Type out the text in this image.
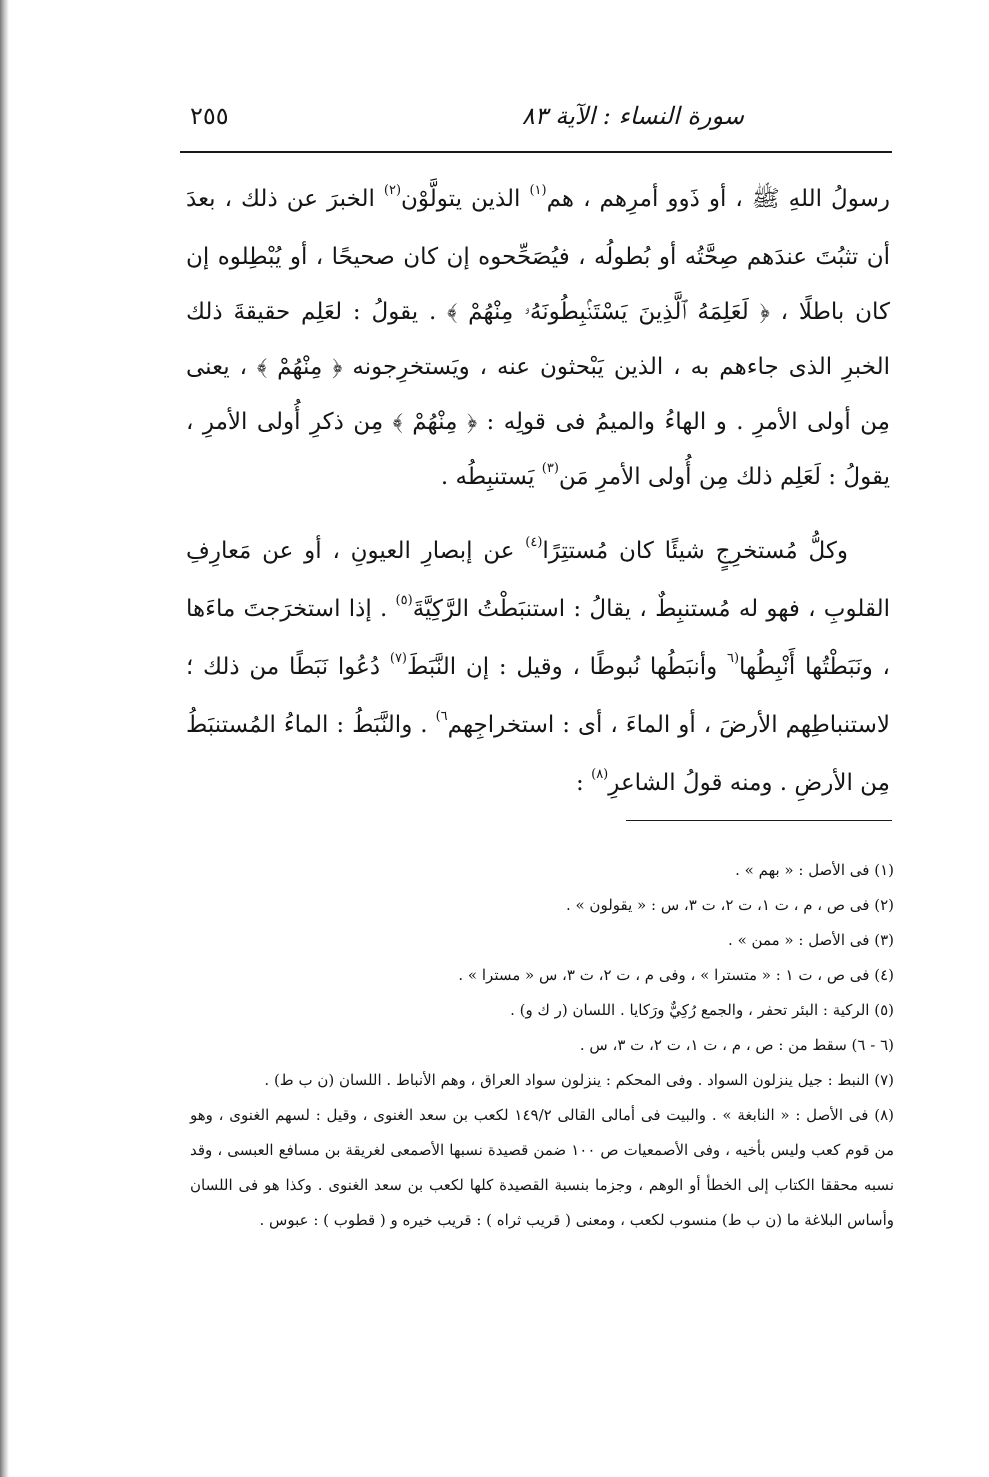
سورة النساء : الآية ٨٣
٢٥٥

رسولُ اللهِ ﷺ ، أو ذَوو أمرِهم ، هم$^{(١)}$ الذين يتولَّوْن$^{(٢)}$ الخبرَ عن ذلك ، بعدَ أن تثبُتَ عندَهم صِحَّتُه أو بُطولُه ، فيُصَحِّحوه إن كان صحيحًا ، أو يُبْطِلوه إن كان باطلًا ، ﴿ لَعَلِمَهُ ٱلَّذِينَ يَسْتَنۢبِطُونَهُۥ مِنْهُمْ ﴾ . يقولُ : لعَلِم حقيقةَ ذلك الخبرِ الذى جاءهم به ، الذين يَبْحثون عنه ، ويَستخرِجونه ﴿ مِنْهُمْ ﴾ ، يعنى مِن أولى الأمرِ . و الهاءُ والميمُ فى قولِه : ﴿ مِنْهُمْ ﴾ مِن ذكرِ أُولى الأمرِ ، يقولُ : لَعَلِم ذلك مِن أُولى الأمرِ مَن$^{(٣)}$ يَستنبِطُه .

وكلُّ مُستخرِجٍ شيئًا كان مُستتِرًا$^{(٤)}$ عن إبصارِ العيونِ ، أو عن مَعارِفِ القلوبِ ، فهو له مُستنبِطٌ ، يقالُ : استنبَطْتُ الرَّكِيَّةَ$^{(٥)}$ . إذا استخرَجتَ ماءَها ، ونَبَطْتُها أَنْبِطُها$^{(٦}$ وأنبَطُها نُبوطًا ، وقيل : إن النَّبَطَ$^{(٧)}$ دُعُوا نَبَطًا من ذلك ؛ لاستنباطِهم الأرضَ ، أو الماءَ ، أى : استخراجِهم$^{٦)}$ . والنَّبَطُ : الماءُ المُستنبَطُ مِن الأرضِ . ومنه قولُ الشاعرِ$^{(٨)}$ :

(١) فى الأصل : « بهم » .

(٢) فى ص ، م ، ت ١، ت ٢، ت ٣، س : « يقولون » .

(٣) فى الأصل : « ممن » .

(٤) فى ص ، ت ١ : « متسترا » ، وفى م ، ت ٢، ت ٣، س « مسترا » .

(٥) الركية : البئر تحفر ، والجمع رُكِيٌّ ورَكايا . اللسان (ر ك و) .

(٦ - ٦) سقط من : ص ، م ، ت ١، ت ٢، ت ٣، س .

(٧) النبط : جيل ينزلون السواد . وفى المحكم : ينزلون سواد العراق ، وهم الأنباط . اللسان (ن ب ط) .

(٨) فى الأصل : « النابغة » . والبيت فى أمالى القالى ١٤٩/٢ لكعب بن سعد الغنوى ، وقيل : لسهم الغنوى ، وهو من قوم كعب وليس بأخيه ، وفى الأصمعيات ص ١٠٠ ضمن قصيدة نسبها الأصمعى لغريقة بن مسافع العبسى ، وقد نسبه محققا الكتاب إلى الخطأ أو الوهم ، وجزما بنسبة القصيدة كلها لكعب بن سعد الغنوى . وكذا هو فى اللسان وأساس البلاغة ما (ن ب ط) منسوب لكعب ، ومعنى ( قريب ثراه ) : قريب خيره و ( قطوب ) : عبوس .
